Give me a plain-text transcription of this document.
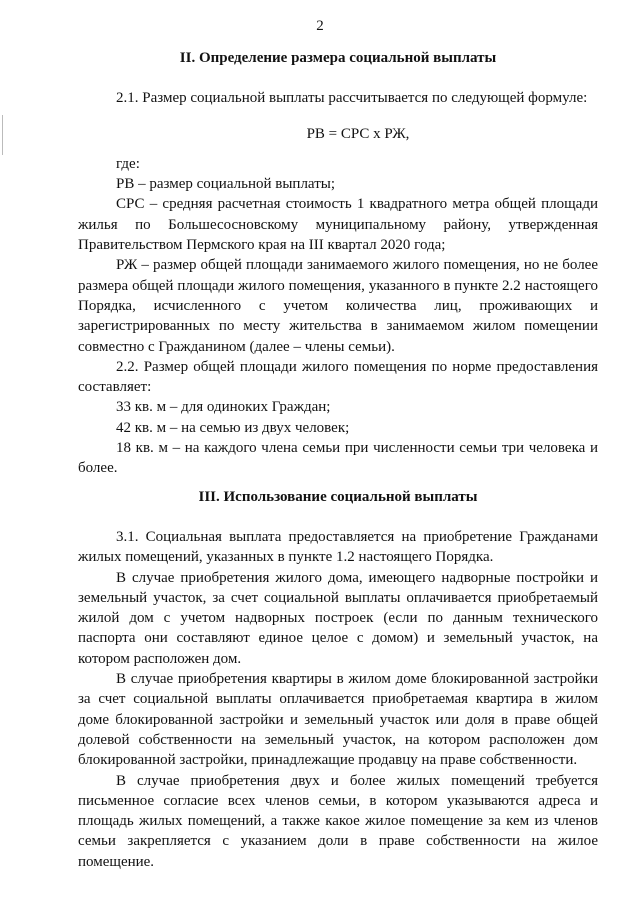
2
II. Определение размера социальной выплаты

2.1. Размер социальной выплаты рассчитывается по следующей формуле:

РВ = СРС x РЖ,

где:

РВ – размер социальной выплаты;

СРС – средняя расчетная стоимость 1 квадратного метра общей площади жилья по Большесосновскому муниципальному району, утвержденная Правительством Пермского края на III квартал 2020 года;

РЖ – размер общей площади занимаемого жилого помещения, но не более размера общей площади жилого помещения, указанного в пункте 2.2 настоящего Порядка, исчисленного с учетом количества лиц, проживающих и зарегистрированных по месту жительства в занимаемом жилом помещении совместно с Гражданином (далее – члены семьи).

2.2. Размер общей площади жилого помещения по норме предоставления составляет:

33 кв. м – для одиноких Граждан;

42 кв. м – на семью из двух человек;

18 кв. м – на каждого члена семьи при численности семьи три человека и более.

III. Использование социальной выплаты

3.1. Социальная выплата предоставляется на приобретение Гражданами жилых помещений, указанных в пункте 1.2 настоящего Порядка.

В случае приобретения жилого дома, имеющего надворные постройки и земельный участок, за счет социальной выплаты оплачивается приобретаемый жилой дом с учетом надворных построек (если по данным технического паспорта они составляют единое целое с домом) и земельный участок, на котором расположен дом.

В случае приобретения квартиры в жилом доме блокированной застройки за счет социальной выплаты оплачивается приобретаемая квартира в жилом доме блокированной застройки и земельный участок или доля в праве общей долевой собственности на земельный участок, на котором расположен дом блокированной застройки, принадлежащие продавцу на праве собственности.

В случае приобретения двух и более жилых помещений требуется письменное согласие всех членов семьи, в котором указываются адреса и площадь жилых помещений, а также какое жилое помещение за кем из членов семьи закрепляется с указанием доли в праве собственности на жилое помещение.
